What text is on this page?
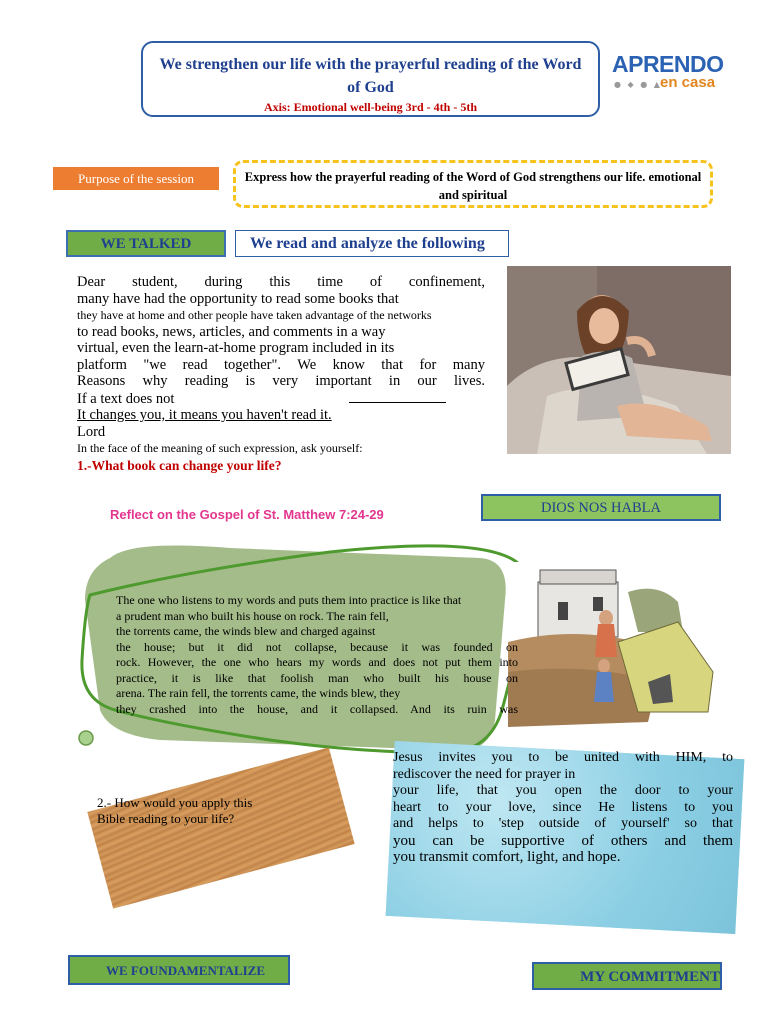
We strengthen our life with the prayerful reading of the Word of God
Axis: Emotional well-being 3rd - 4th - 5th
APRENDO
● ◆ ● ▲
en casa
Purpose of the session	Express how the prayerful reading of the Word of God strengthens our life. emotional and spiritual
WE TALKED	We read and analyze the following

Dear student, during this time of confinement,

many have had the opportunity to read some books that

they have at home and other people have taken advantage of the networks

to read books, news, articles, and comments in a way

virtual, even the learn-at-home program included in its

platform "we read together". We know that for many

Reasons why reading is very important in our lives.

If a text does not

It changes you, it means you haven't read it.

Lord

In the face of the meaning of such expression, ask yourself:

1.-What book can change your life?
Reflect on the Gospel of St. Matthew 7:24-29	DIOS NOS HABLA

The one who listens to my words and puts them into practice is like that

a prudent man who built his house on rock. The rain fell,

the torrents came, the winds blew and charged against

the house; but it did not collapse, because it was founded on

rock. However, the one who hears my words and does not put them into

practice, it is like that foolish man who built his house on

arena. The rain fell, the torrents came, the winds blew, they

they crashed into the house, and it collapsed. And its ruin was

2.- How would you apply this
Bible reading to your life?

Jesus invites you to be united with HIM, to

rediscover the need for prayer in

your life, that you open the door to your

heart to your love, since He listens to you

and helps to 'step outside of yourself' so that

you can be supportive of others and them

you transmit comfort, light, and hope.

WE FOUNDAMENTALIZE	MY COMMITMENT
